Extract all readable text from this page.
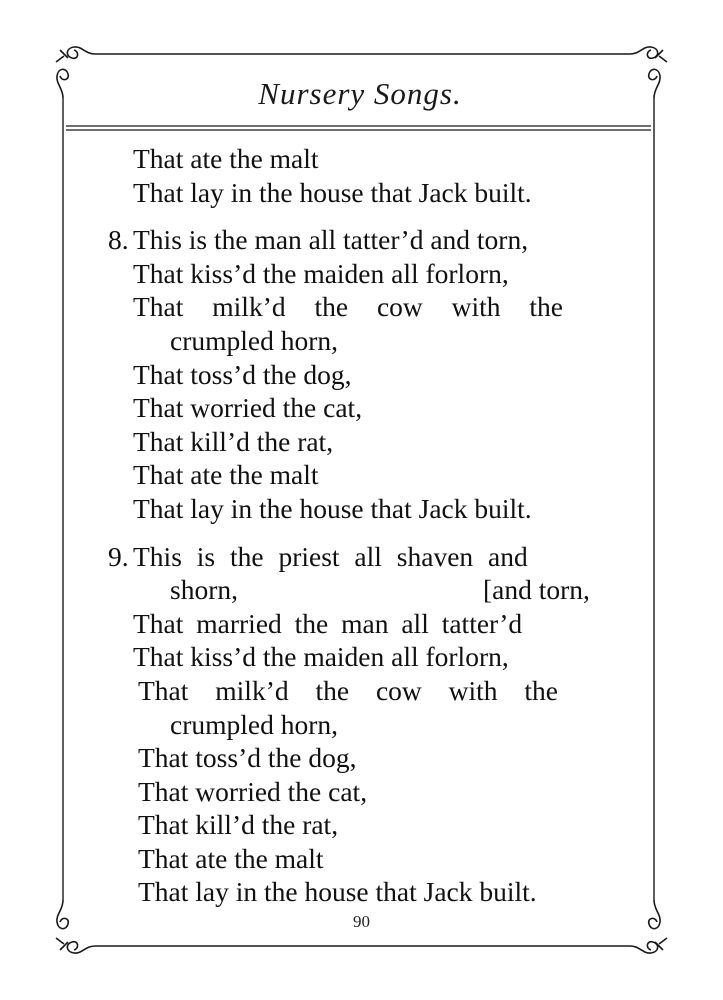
Nursery Songs.
That ate the malt
That lay in the house that Jack built.
8. This is the man all tatter’d and torn,
That kiss’d the maiden all forlorn,
That milk’d the cow with the
crumpled horn,
That toss’d the dog,
That worried the cat,
That kill’d the rat,
That ate the malt
That lay in the house that Jack built.
9. This is the priest all shaven and
shorn,	[and torn,
That married the man all tatter’d
That kiss’d the maiden all forlorn,
That milk’d the cow with the
crumpled horn,
That toss’d the dog,
That worried the cat,
That kill’d the rat,
That ate the malt
That lay in the house that Jack built.
90
